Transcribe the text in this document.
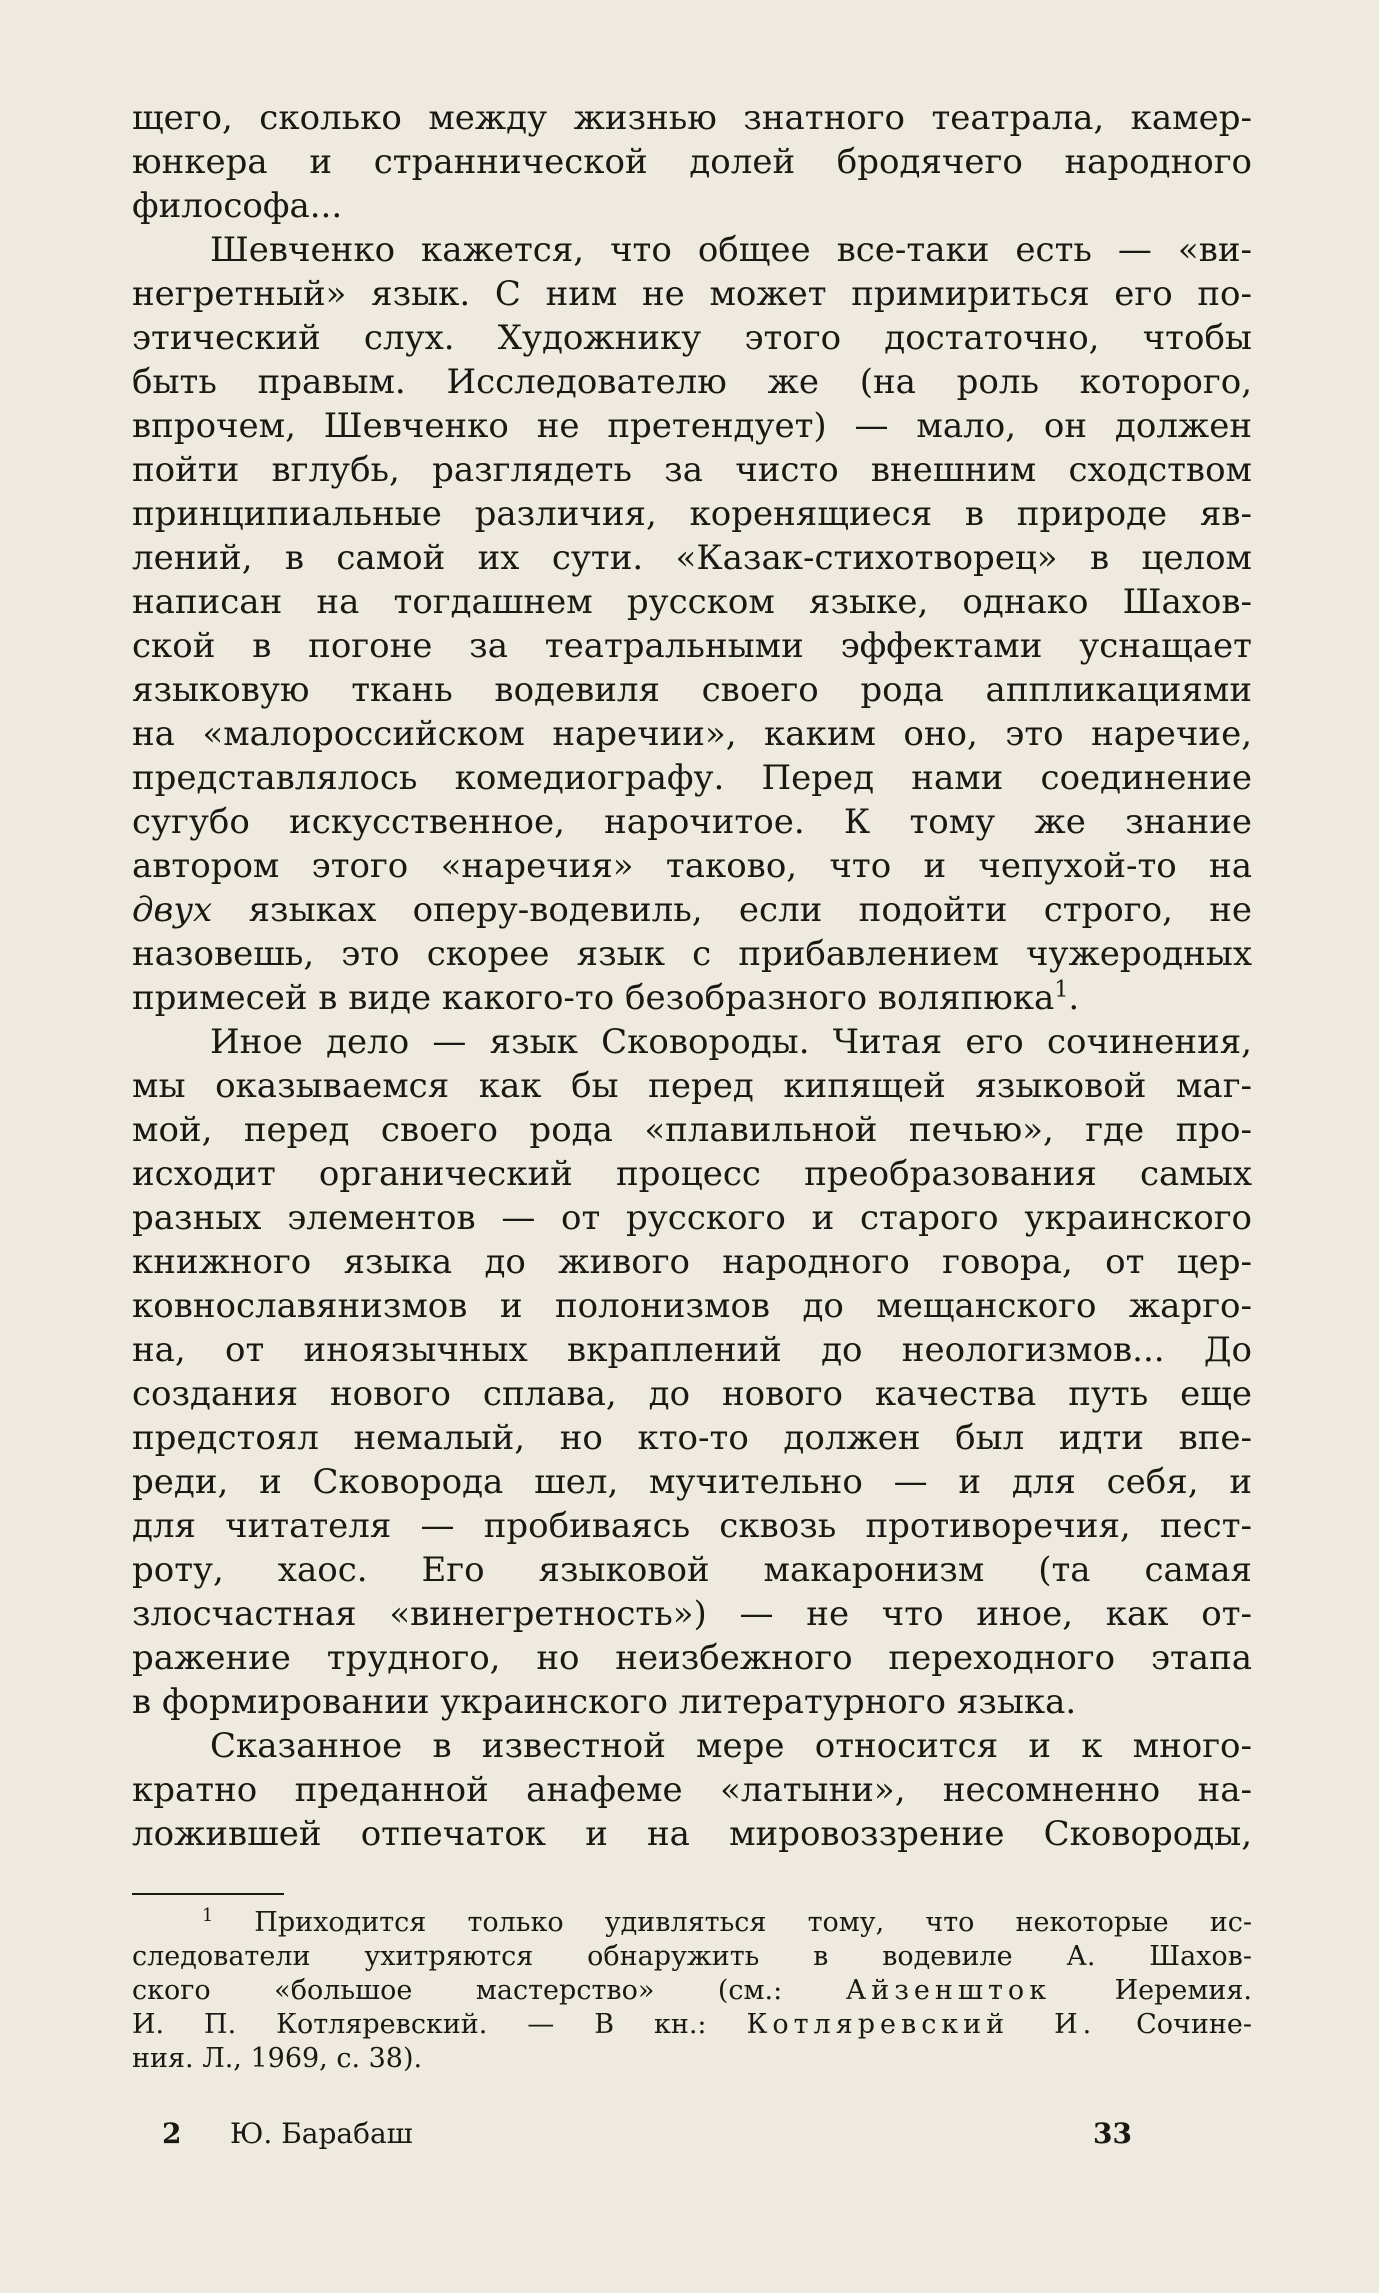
щего, сколько между жизнью знатного театрала, камер-
юнкера и страннической долей бродячего народного
философа...
Шевченко кажется, что общее все-таки есть — «ви-
негретный» язык. С ним не может примириться его по-
этический слух. Художнику этого достаточно, чтобы
быть правым. Исследователю же (на роль которого,
впрочем, Шевченко не претендует) — мало, он должен
пойти вглубь, разглядеть за чисто внешним сходством
принципиальные различия, коренящиеся в природе яв-
лений, в самой их сути. «Казак-стихотворец» в целом
написан на тогдашнем русском языке, однако Шахов-
ской в погоне за театральными эффектами уснащает
языковую ткань водевиля своего рода аппликациями
на «малороссийском наречии», каким оно, это наречие,
представлялось комедиографу. Перед нами соединение
сугубо искусственное, нарочитое. К тому же знание
автором этого «наречия» таково, что и чепухой-то на
двух языках оперу-водевиль, если подойти строго, не
назовешь, это скорее язык с прибавлением чужеродных
примесей в виде какого-то безобразного воляпюка$^1$.
Иное дело — язык Сковороды. Читая его сочинения,
мы оказываемся как бы перед кипящей языковой маг-
мой, перед своего рода «плавильной печью», где про-
исходит органический процесс преобразования самых
разных элементов — от русского и старого украинского
книжного языка до живого народного говора, от цер-
ковнославянизмов и полонизмов до мещанского жарго-
на, от иноязычных вкраплений до неологизмов... До
создания нового сплава, до нового качества путь еще
предстоял немалый, но кто-то должен был идти впе-
реди, и Сковорода шел, мучительно — и для себя, и
для читателя — пробиваясь сквозь противоречия, пест-
роту, хаос. Его языковой макаронизм (та самая
злосчастная «винегретность») — не что иное, как от-
ражение трудного, но неизбежного переходного этапа
в формировании украинского литературного языка.
Сказанное в известной мере относится и к много-
кратно преданной анафеме «латыни», несомненно на-
ложившей отпечаток и на мировоззрение Сковороды,
$^1$ Приходится только удивляться тому, что некоторые ис-
следователи ухитряются обнаружить в водевиле А. Шахов-
ского «большое мастерство» (см.: Айзеншток Иеремия.
И. П. Котляревский. — В кн.: Котляревский И. Сочине-
ния. Л., 1969, с. 38).
2 Ю. Барабаш	33
